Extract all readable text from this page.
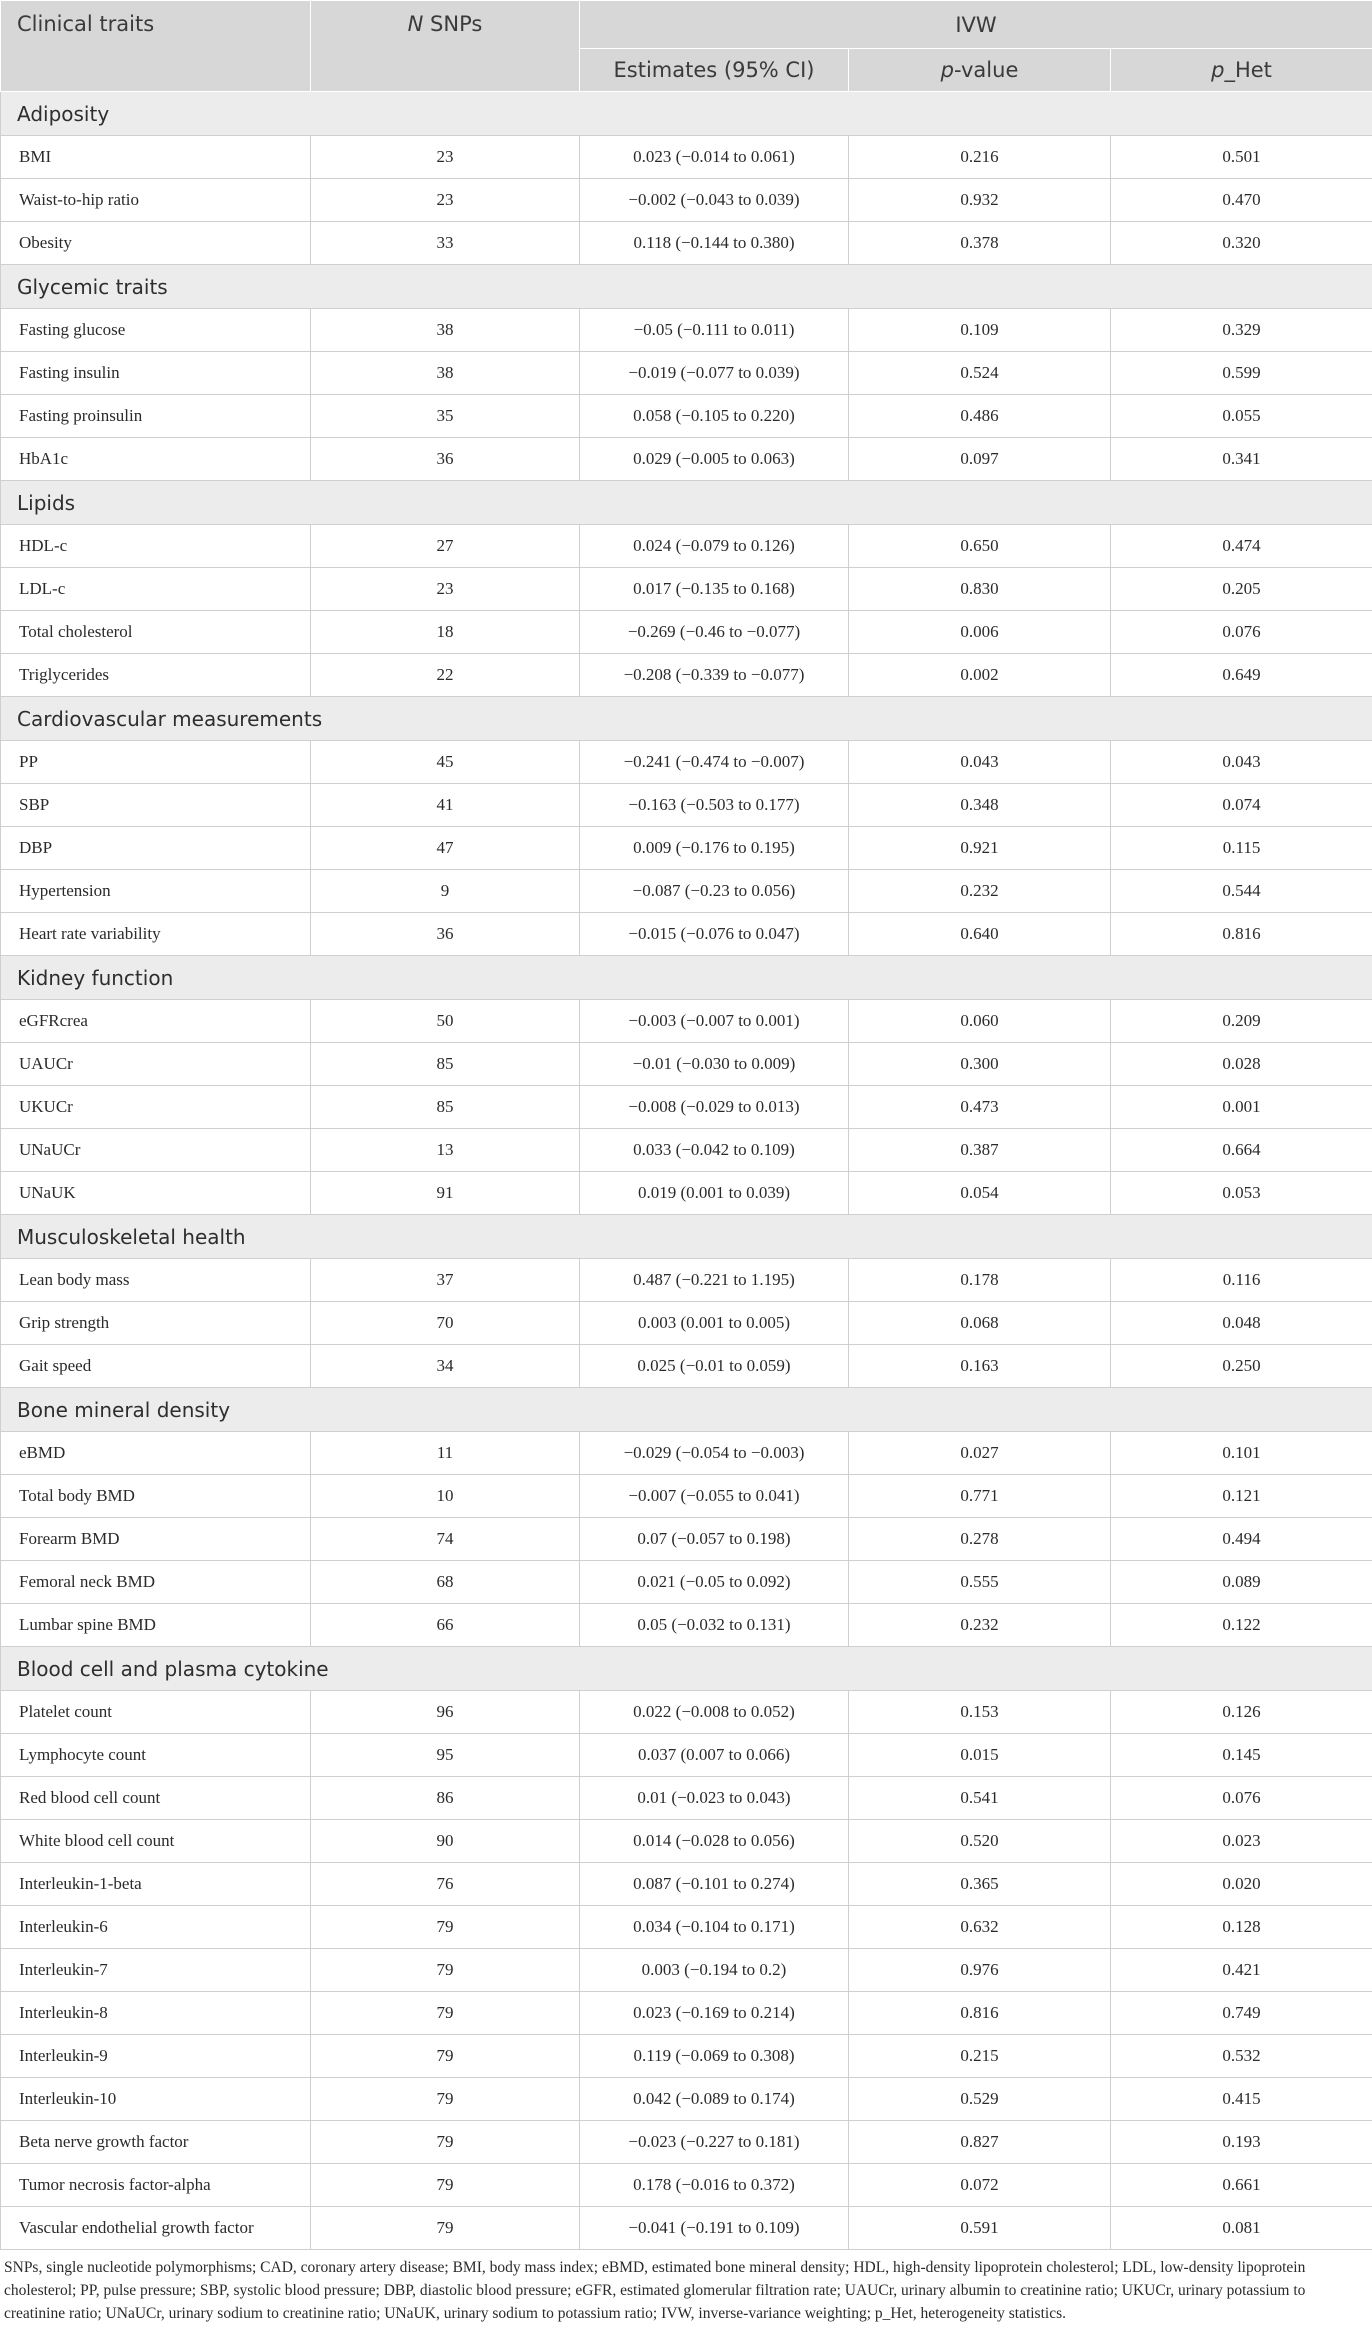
Clinical traits	N SNPs	IVW		
		Estimates (95% CI)	p-value	p_Het
Adiposity				
BMI	23	0.023 (−0.014 to 0.061)	0.216	0.501
Waist-to-hip ratio	23	−0.002 (−0.043 to 0.039)	0.932	0.470
Obesity	33	0.118 (−0.144 to 0.380)	0.378	0.320
Glycemic traits				
Fasting glucose	38	−0.05 (−0.111 to 0.011)	0.109	0.329
Fasting insulin	38	−0.019 (−0.077 to 0.039)	0.524	0.599
Fasting proinsulin	35	0.058 (−0.105 to 0.220)	0.486	0.055
HbA1c	36	0.029 (−0.005 to 0.063)	0.097	0.341
Lipids				
HDL-c	27	0.024 (−0.079 to 0.126)	0.650	0.474
LDL-c	23	0.017 (−0.135 to 0.168)	0.830	0.205
Total cholesterol	18	−0.269 (−0.46 to −0.077)	0.006	0.076
Triglycerides	22	−0.208 (−0.339 to −0.077)	0.002	0.649
Cardiovascular measurements				
PP	45	−0.241 (−0.474 to −0.007)	0.043	0.043
SBP	41	−0.163 (−0.503 to 0.177)	0.348	0.074
DBP	47	0.009 (−0.176 to 0.195)	0.921	0.115
Hypertension	9	−0.087 (−0.23 to 0.056)	0.232	0.544
Heart rate variability	36	−0.015 (−0.076 to 0.047)	0.640	0.816
Kidney function				
eGFRcrea	50	−0.003 (−0.007 to 0.001)	0.060	0.209
UAUCr	85	−0.01 (−0.030 to 0.009)	0.300	0.028
UKUCr	85	−0.008 (−0.029 to 0.013)	0.473	0.001
UNaUCr	13	0.033 (−0.042 to 0.109)	0.387	0.664
UNaUK	91	0.019 (0.001 to 0.039)	0.054	0.053
Musculoskeletal health				
Lean body mass	37	0.487 (−0.221 to 1.195)	0.178	0.116
Grip strength	70	0.003 (0.001 to 0.005)	0.068	0.048
Gait speed	34	0.025 (−0.01 to 0.059)	0.163	0.250
Bone mineral density				
eBMD	11	−0.029 (−0.054 to −0.003)	0.027	0.101
Total body BMD	10	−0.007 (−0.055 to 0.041)	0.771	0.121
Forearm BMD	74	0.07 (−0.057 to 0.198)	0.278	0.494
Femoral neck BMD	68	0.021 (−0.05 to 0.092)	0.555	0.089
Lumbar spine BMD	66	0.05 (−0.032 to 0.131)	0.232	0.122
Blood cell and plasma cytokine				
Platelet count	96	0.022 (−0.008 to 0.052)	0.153	0.126
Lymphocyte count	95	0.037 (0.007 to 0.066)	0.015	0.145
Red blood cell count	86	0.01 (−0.023 to 0.043)	0.541	0.076
White blood cell count	90	0.014 (−0.028 to 0.056)	0.520	0.023
Interleukin-1-beta	76	0.087 (−0.101 to 0.274)	0.365	0.020
Interleukin-6	79	0.034 (−0.104 to 0.171)	0.632	0.128
Interleukin-7	79	0.003 (−0.194 to 0.2)	0.976	0.421
Interleukin-8	79	0.023 (−0.169 to 0.214)	0.816	0.749
Interleukin-9	79	0.119 (−0.069 to 0.308)	0.215	0.532
Interleukin-10	79	0.042 (−0.089 to 0.174)	0.529	0.415
Beta nerve growth factor	79	−0.023 (−0.227 to 0.181)	0.827	0.193
Tumor necrosis factor-alpha	79	0.178 (−0.016 to 0.372)	0.072	0.661
Vascular endothelial growth factor	79	−0.041 (−0.191 to 0.109)	0.591	0.081
SNPs, single nucleotide polymorphisms; CAD, coronary artery disease; BMI, body mass index; eBMD, estimated bone mineral density; HDL, high-density lipoprotein cholesterol; LDL, low-density lipoprotein cholesterol; PP, pulse pressure; SBP, systolic blood pressure; DBP, diastolic blood pressure; eGFR, estimated glomerular filtration rate; UAUCr, urinary albumin to creatinine ratio; UKUCr, urinary potassium to creatinine ratio; UNaUCr, urinary sodium to creatinine ratio; UNaUK, urinary sodium to potassium ratio; IVW, inverse-variance weighting; p_Het, heterogeneity statistics.
